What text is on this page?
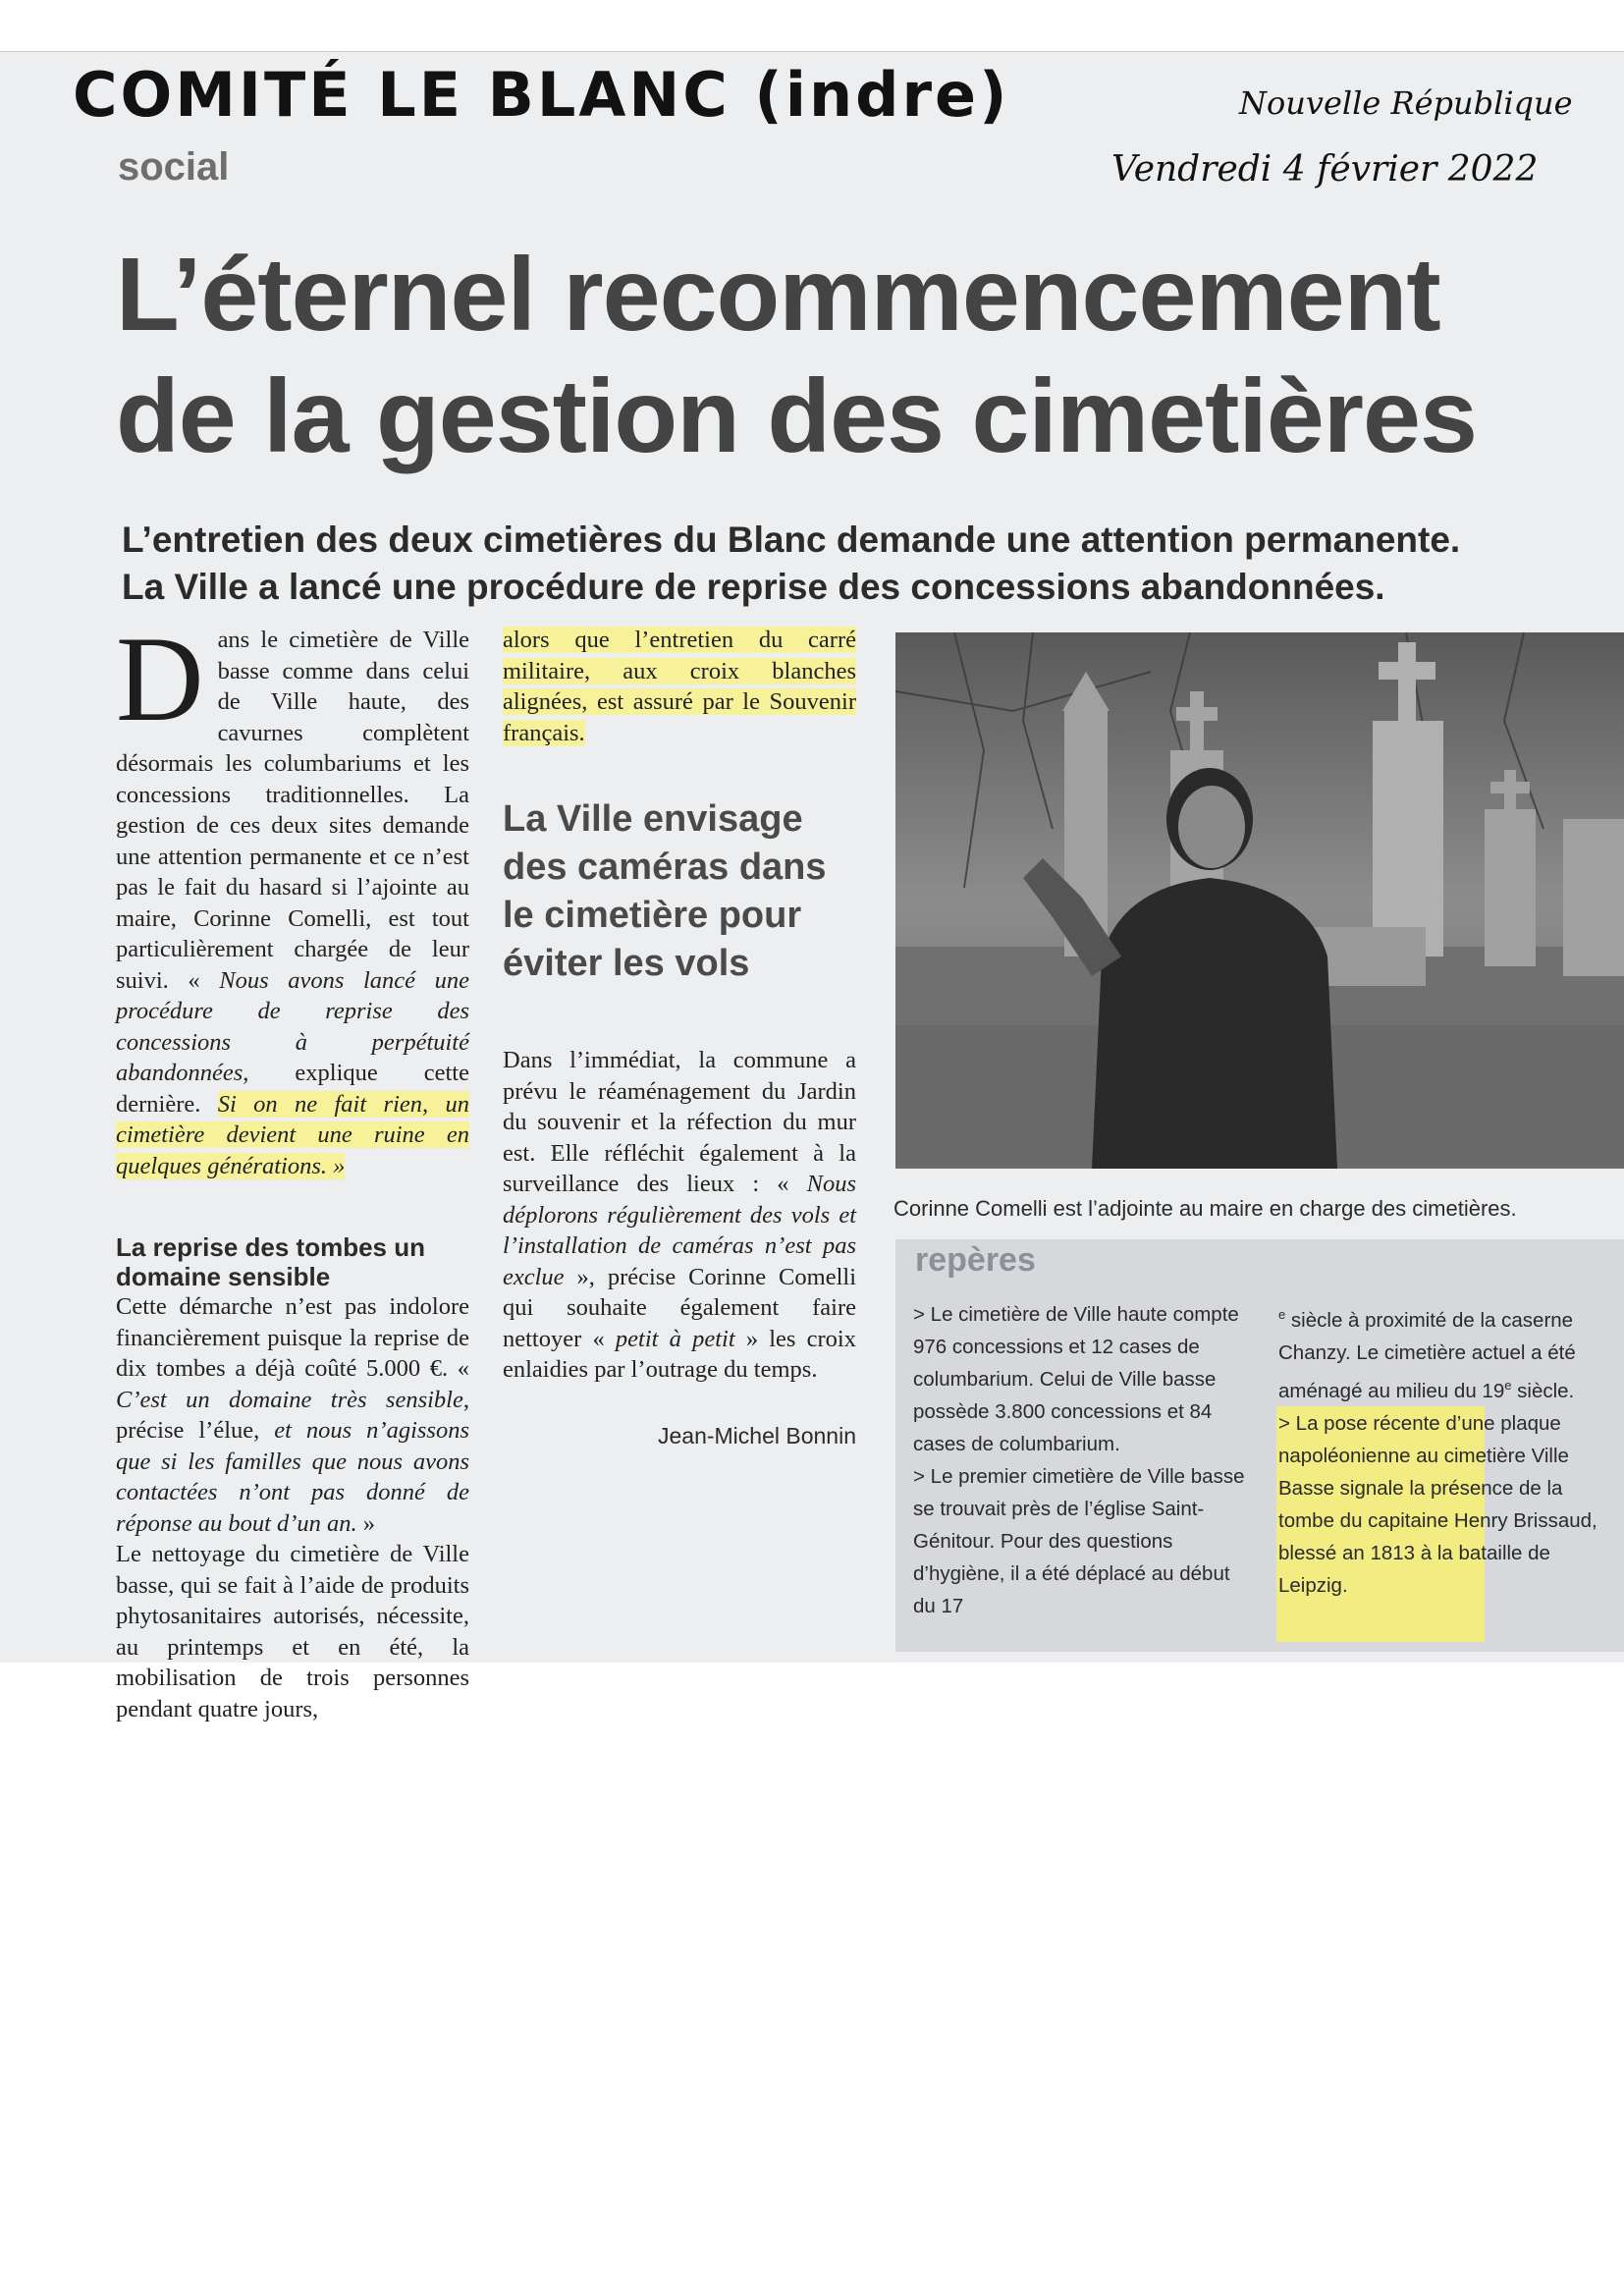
COMITÉ LE BLANC (indre)	Nouvelle République
Vendredi 4 février 2022
social
L’éternel recommencement
de la gestion des cimetières
L’entretien des deux cimetières du Blanc demande une attention permanente.
La Ville a lancé une procédure de reprise des concessions abandonnées.

Dans le cimetière de Ville basse comme dans celui de Ville haute, des cavurnes complètent désormais les columbariums et les concessions traditionnelles. La gestion de ces deux sites demande une attention permanente et ce n’est pas le fait du hasard si l’ajointe au maire, Corinne Comelli, est tout particulièrement chargée de leur suivi. « Nous avons lancé une procédure de reprise des concessions à perpétuité abandonnées, explique cette dernière. Si on ne fait rien, un cimetière devient une ruine en quelques générations. »

La reprise des tombes un domaine sensible

Cette démarche n’est pas indolore financièrement puisque la reprise de dix tombes a déjà coûté 5.000 €. « C’est un domaine très sensible, précise l’élue, et nous n’agissons que si les familles que nous avons contactées n’ont pas donné de réponse au bout d’un an. »

Le nettoyage du cimetière de Ville basse, qui se fait à l’aide de produits phytosanitaires autorisés, nécessite, au printemps et en été, la mobilisation de trois personnes pendant quatre jours,

alors que l’entretien du carré militaire, aux croix blanches alignées, est assuré par le Souvenir français.

La Ville envisage des caméras dans le cimetière pour éviter les vols

Dans l’immédiat, la commune a prévu le réaménagement du Jardin du souvenir et la réfection du mur est. Elle réfléchit également à la surveillance des lieux : « Nous déplorons régulièrement des vols et l’installation de caméras n’est pas exclue », précise Corinne Comelli qui souhaite également faire nettoyer « petit à petit » les croix enlaidies par l’outrage du temps.

Jean-Michel Bonnin

Corinne Comelli est l’adjointe au maire en charge des cimetières.
repères

> Le cimetière de Ville haute compte 976 concessions et 12 cases de columbarium. Celui de Ville basse possède 3.800 concessions et 84 cases de columbarium.

> Le premier cimetière de Ville basse se trouvait près de l’église Saint-Génitour. Pour des questions d’hygiène, il a été déplacé au début du 17

$^e$ siècle à proximité de la caserne Chanzy. Le cimetière actuel a été aménagé au milieu du 19e siècle.

> La pose récente d’une plaque napoléonienne au cimetière Ville Basse signale la présence de la tombe du capitaine Henry Brissaud, blessé an 1813 à la bataille de Leipzig.
